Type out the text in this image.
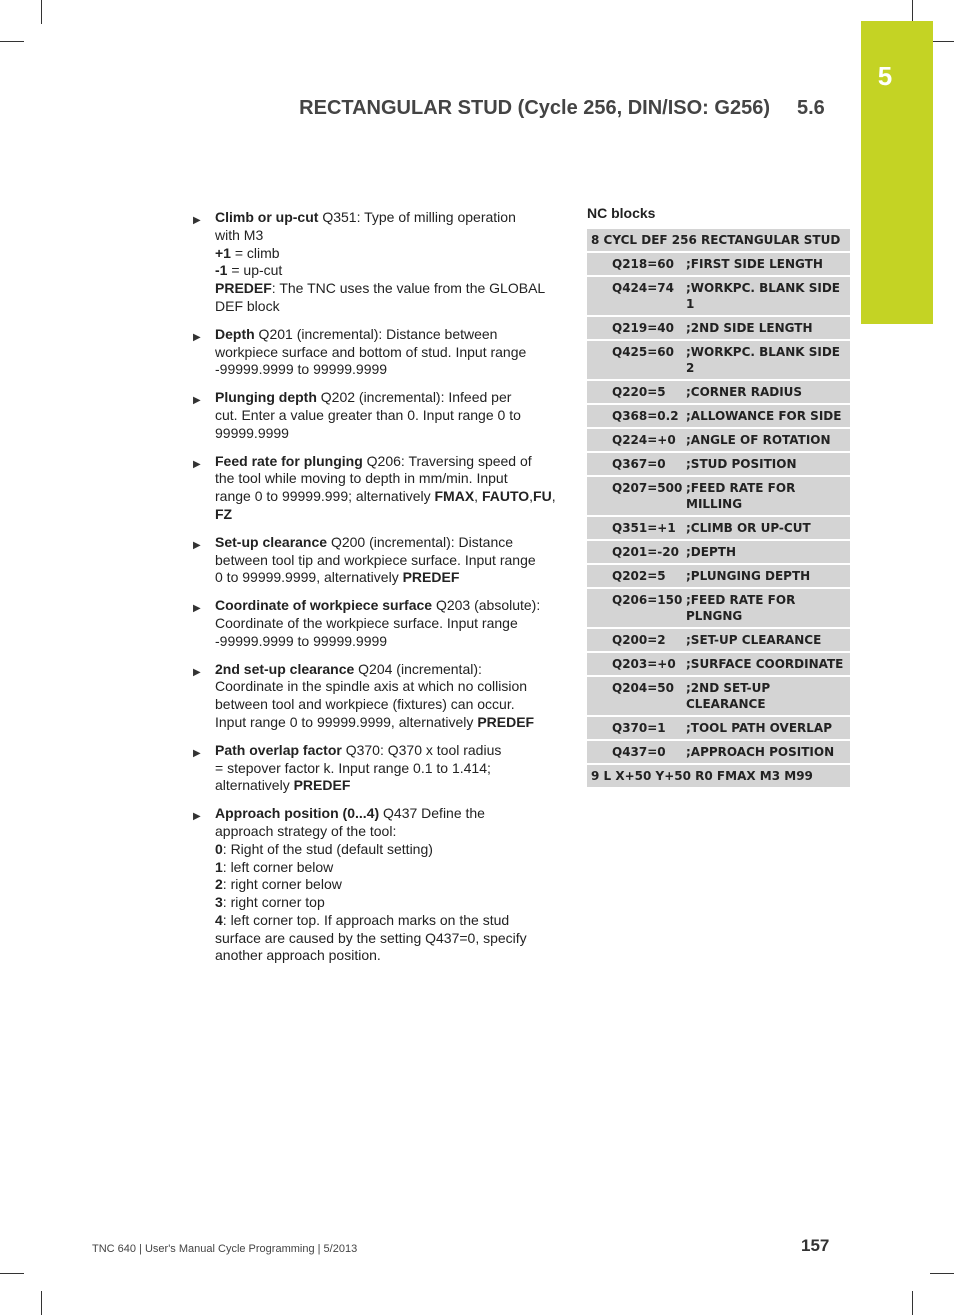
5
RECTANGULAR STUD (Cycle 256, DIN/ISO: G256) 5.6
▶ Climb or up-cut Q351: Type of milling operation
with M3
+1 = climb
-1 = up-cut
PREDEF: The TNC uses the value from the GLOBAL
DEF block
▶ Depth Q201 (incremental): Distance between
workpiece surface and bottom of stud. Input range
-99999.9999 to 99999.9999
▶ Plunging depth Q202 (incremental): Infeed per
cut. Enter a value greater than 0. Input range 0 to
99999.9999
▶ Feed rate for plunging Q206: Traversing speed of
the tool while moving to depth in mm/min. Input
range 0 to 99999.999; alternatively FMAX, FAUTO,FU, FZ
▶ Set-up clearance Q200 (incremental): Distance
between tool tip and workpiece surface. Input range
0 to 99999.9999, alternatively PREDEF
▶ Coordinate of workpiece surface Q203 (absolute):
Coordinate of the workpiece surface. Input range
-99999.9999 to 99999.9999
▶ 2nd set-up clearance Q204 (incremental):
Coordinate in the spindle axis at which no collision
between tool and workpiece (fixtures) can occur.
Input range 0 to 99999.9999, alternatively PREDEF
▶ Path overlap factor Q370: Q370 x tool radius
= stepover factor k. Input range 0.1 to 1.414;
alternatively PREDEF
▶ Approach position (0...4) Q437 Define the
approach strategy of the tool:
0: Right of the stud (default setting)
1: left corner below
2: right corner below
3: right corner top
4: left corner top. If approach marks on the stud
surface are caused by the setting Q437=0, specify
another approach position.
NC blocks
8 CYCL DEF 256 RECTANGULAR STUD
Q218=60 ;FIRST SIDE LENGTH
Q424=74 ;WORKPC. BLANK SIDE 1
Q219=40 ;2ND SIDE LENGTH
Q425=60 ;WORKPC. BLANK SIDE 2
Q220=5	;CORNER RADIUS
Q368=0.2 ;ALLOWANCE FOR SIDE
Q224=+0 ;ANGLE OF ROTATION
Q367=0	;STUD POSITION
Q207=500 ;FEED RATE FOR MILLING
Q351=+1 ;CLIMB OR UP-CUT
Q201=-20 ;DEPTH
Q202=5	;PLUNGING DEPTH
Q206=150 ;FEED RATE FOR PLNGNG
Q200=2	;SET-UP CLEARANCE
Q203=+0 ;SURFACE COORDINATE
Q204=50 ;2ND SET-UP CLEARANCE
Q370=1	;TOOL PATH OVERLAP
Q437=0	;APPROACH POSITION
9 L X+50 Y+50 R0 FMAX M3 M99
TNC 640 | User's Manual Cycle Programming | 5/2013	157
